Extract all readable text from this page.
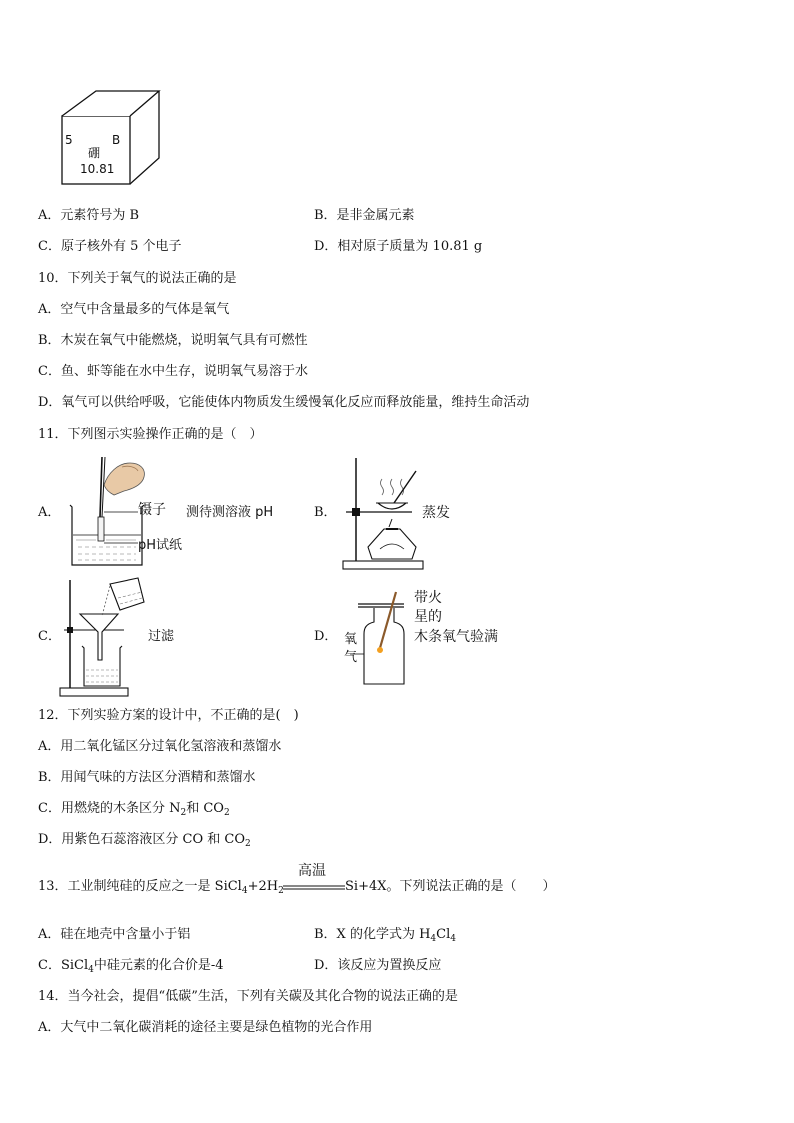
5	B
硼
10.81
A．元素符号为 B	B．是非金属元素
C．原子核外有 5 个电子	D．相对原子质量为 10.81 g
10．下列关于氧气的说法正确的是
A．空气中含量最多的气体是氧气
B．木炭在氧气中能燃烧，说明氧气具有可燃性
C．鱼、虾等能在水中生存，说明氧气易溶于水
D．氧气可以供给呼吸，它能使体内物质发生缓慢氧化反应而释放能量，维持生命活动
11．下列图示实验操作正确的是（　）
A．	镊子
pH试纸
测待测溶液 pH	B．	蒸发
C．	过滤	D． 氧
气
带火
星的
木条氧气验满
12．下列实验方案的设计中，不正确的是(　)
A．用二氧化锰区分过氧化氢溶液和蒸馏水
B．用闻气味的方法区分酒精和蒸馏水
C．用燃烧的木条区分 $N_2$和 $CO_2$
D．用紫色石蕊溶液区分 CO 和 $CO_2$
高温
13．工业制纯硅的反应之一是 $SiCl_4+2H_2$	Si+4X。下列说法正确的是（　　）
A．硅在地壳中含量小于铝	B．X 的化学式为 $H_4Cl_4$
C．SiCl$_4$中硅元素的化合价是-4	D．该反应为置换反应
14．当今社会，提倡“低碳”生活，下列有关碳及其化合物的说法正确的是
A．大气中二氧化碳消耗的途径主要是绿色植物的光合作用
